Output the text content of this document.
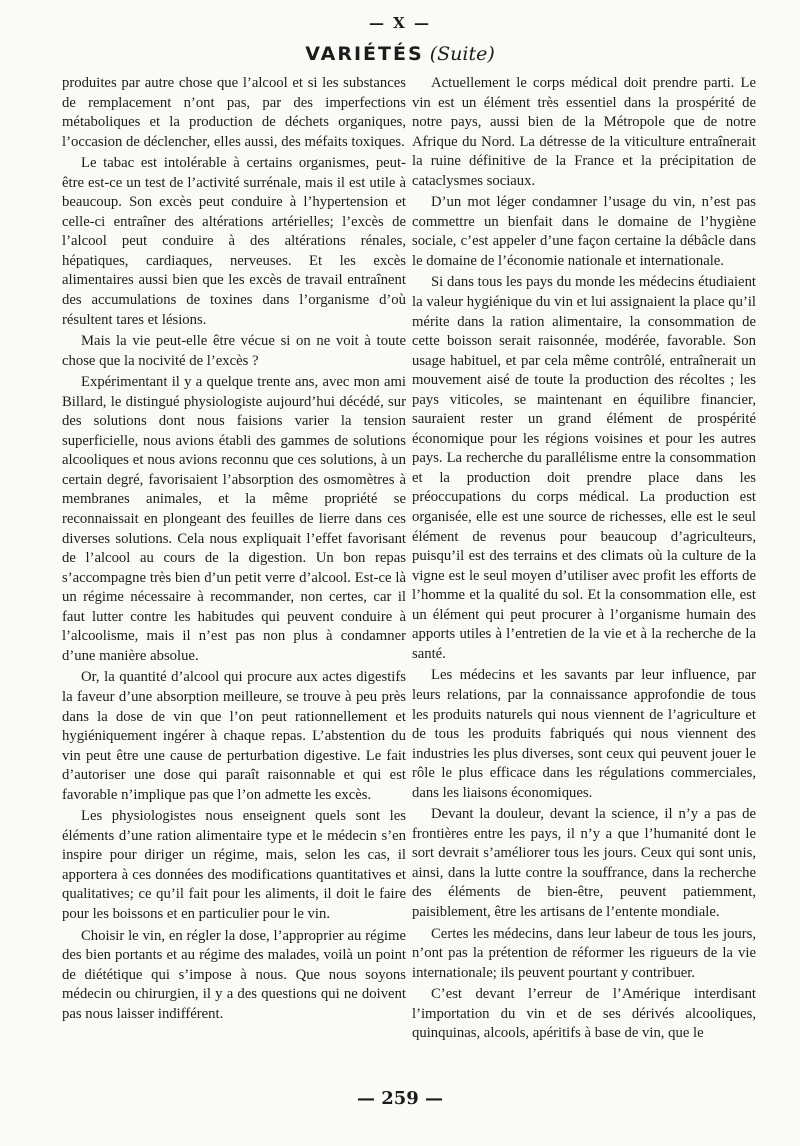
— X —
VARIÉTÉS (Suite)

produites par autre chose que l’alcool et si les substances de remplacement n’ont pas, par des imperfections métaboliques et la production de déchets organiques, l’occasion de déclencher, elles aussi, des méfaits toxiques.

Le tabac est intolérable à certains organismes, peut-être est-ce un test de l’activité surrénale, mais il est utile à beaucoup. Son excès peut conduire à l’hypertension et celle-ci entraîner des altérations artérielles; l’excès de l’alcool peut conduire à des altérations rénales, hépatiques, cardiaques, nerveuses. Et les excès alimentaires aussi bien que les excès de travail entraînent des accumulations de toxines dans l’organisme d’où résultent tares et lésions.

Mais la vie peut-elle être vécue si on ne voit à toute chose que la nocivité de l’excès ?

Expérimentant il y a quelque trente ans, avec mon ami Billard, le distingué physiologiste aujourd’hui décédé, sur des solutions dont nous faisions varier la tension superficielle, nous avions établi des gammes de solutions alcooliques et nous avions reconnu que ces solutions, à un certain degré, favorisaient l’absorption des osmomètres à membranes animales, et la même propriété se reconnaissait en plongeant des feuilles de lierre dans ces diverses solutions. Cela nous expliquait l’effet favorisant de l’alcool au cours de la digestion. Un bon repas s’accompagne très bien d’un petit verre d’alcool. Est-ce là un régime nécessaire à recommander, non certes, car il faut lutter contre les habitudes qui peuvent conduire à l’alcoolisme, mais il n’est pas non plus à condamner d’une manière absolue.

Or, la quantité d’alcool qui procure aux actes digestifs la faveur d’une absorption meilleure, se trouve à peu près dans la dose de vin que l’on peut rationnellement et hygiéniquement ingérer à chaque repas. L’abstention du vin peut être une cause de perturbation digestive. Le fait d’autoriser une dose qui paraît raisonnable et qui est favorable n’implique pas que l’on admette les excès.

Les physiologistes nous enseignent quels sont les éléments d’une ration alimentaire type et le médecin s’en inspire pour diriger un régime, mais, selon les cas, il apportera à ces données des modifications quantitatives et qualitatives; ce qu’il fait pour les aliments, il doit le faire pour les boissons et en particulier pour le vin.

Choisir le vin, en régler la dose, l’approprier au régime des bien portants et au régime des malades, voilà un point de diététique qui s’impose à nous. Que nous soyons médecin ou chirurgien, il y a des questions qui ne doivent pas nous laisser indifférent.

Actuellement le corps médical doit prendre parti. Le vin est un élément très essentiel dans la prospérité de notre pays, aussi bien de la Métropole que de notre Afrique du Nord. La détresse de la viticulture entraînerait la ruine définitive de la France et la précipitation de cataclysmes sociaux.

D’un mot léger condamner l’usage du vin, n’est pas commettre un bienfait dans le domaine de l’hygiène sociale, c’est appeler d’une façon certaine la débâcle dans le domaine de l’économie nationale et internationale.

Si dans tous les pays du monde les médecins étudiaient la valeur hygiénique du vin et lui assignaient la place qu’il mérite dans la ration alimentaire, la consommation de cette boisson serait raisonnée, modérée, favorable. Son usage habituel, et par cela même contrôlé, entraînerait un mouvement aisé de toute la production des récoltes ; les pays viticoles, se maintenant en équilibre financier, sauraient rester un grand élément de prospérité économique pour les régions voisines et pour les autres pays. La recherche du parallélisme entre la consommation et la production doit prendre place dans les préoccupations du corps médical. La production est organisée, elle est une source de richesses, elle est le seul élément de revenus pour beaucoup d’agriculteurs, puisqu’il est des terrains et des climats où la culture de la vigne est le seul moyen d’utiliser avec profit les efforts de l’homme et la qualité du sol. Et la consommation elle, est un élément qui peut procurer à l’organisme humain des apports utiles à l’entretien de la vie et à la recherche de la santé.

Les médecins et les savants par leur influence, par leurs relations, par la connaissance approfondie de tous les produits naturels qui nous viennent de l’agriculture et de tous les produits fabriqués qui nous viennent des industries les plus diverses, sont ceux qui peuvent jouer le rôle le plus efficace dans les régulations commerciales, dans les liaisons économiques.

Devant la douleur, devant la science, il n’y a pas de frontières entre les pays, il n’y a que l’humanité dont le sort devrait s’améliorer tous les jours. Ceux qui sont unis, ainsi, dans la lutte contre la souffrance, dans la recherche des éléments de bien-être, peuvent patiemment, paisiblement, être les artisans de l’entente mondiale.

Certes les médecins, dans leur labeur de tous les jours, n’ont pas la prétention de réformer les rigueurs de la vie internationale; ils peuvent pourtant y contribuer.

C’est devant l’erreur de l’Amérique interdisant l’importation du vin et de ses dérivés alcooliques, quinquinas, alcools, apéritifs à base de vin, que le

— 259 —
